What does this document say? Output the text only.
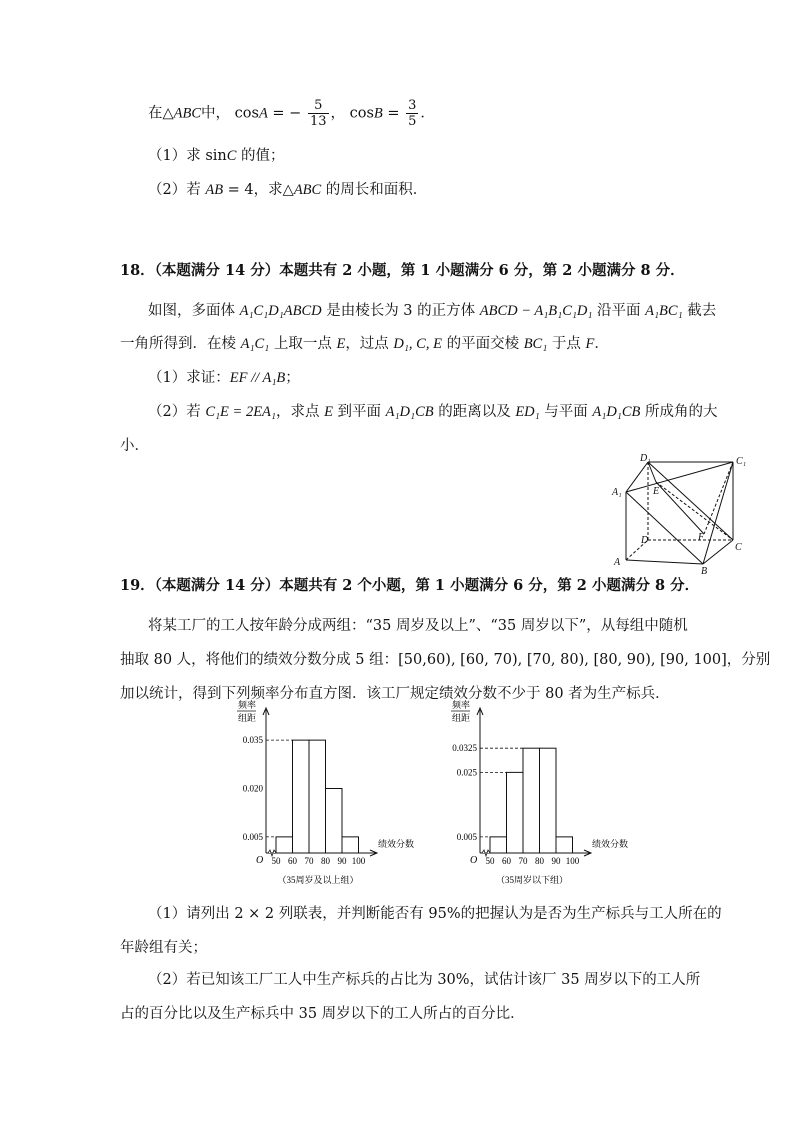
在△ABC中， cosA = − $\frac{5}{13}$ ， $\cos B = \frac{3}{5}$ ．
（1）求 sinC 的值；
（2）若 AB = 4，求△ABC 的周长和面积．
18．（本题满分 14 分）本题共有 2 小题，第 1 小题满分 6 分，第 2 小题满分 8 分．
如图，多面体 A₁C₁D₁ABCD 是由棱长为 3 的正方体 ABCD − A₁B₁C₁D₁ 沿平面 A₁BC₁ 截去
一角所得到．在棱 A₁C₁ 上取一点 E，过点 D₁, C, E 的平面交棱 BC₁ 于点 F．
（1）求证：EF // A₁B；
（2）若 C₁E = 2EA₁，求点 E 到平面 A₁D₁CB 的距离以及 ED₁ 与平面 A₁D₁CB 所成角的大
小．
D₁	C₁
A₁	E
D	F
C
A
B
19．（本题满分 14 分）本题共有 2 个小题，第 1 小题满分 6 分，第 2 小题满分 8 分．
将某工厂的工人按年龄分成两组：“35 周岁及以上”、“35 周岁以下”，从每组中随机
抽取 80 人，将他们的绩效分数分成 5 组：[50,60), [60, 70), [70, 80), [80, 90), [90, 100]，分别
加以统计，得到下列频率分布直方图．该工厂规定绩效分数不少于 80 者为生产标兵．
频率
组距
O
0.035
0.020
0.005
50 60 70 80 90 100
绩效分数
（35周岁及以上组）
频率
组距
O
0.0325
0.025
0.005
50 60 70 80 90 100
绩效分数
（35周岁以下组）
（1）请列出 2 × 2 列联表，并判断能否有 95%的把握认为是否为生产标兵与工人所在的
年龄组有关；
（2）若已知该工厂工人中生产标兵的占比为 30%，试估计该厂 35 周岁以下的工人所
占的百分比以及生产标兵中 35 周岁以下的工人所占的百分比．
